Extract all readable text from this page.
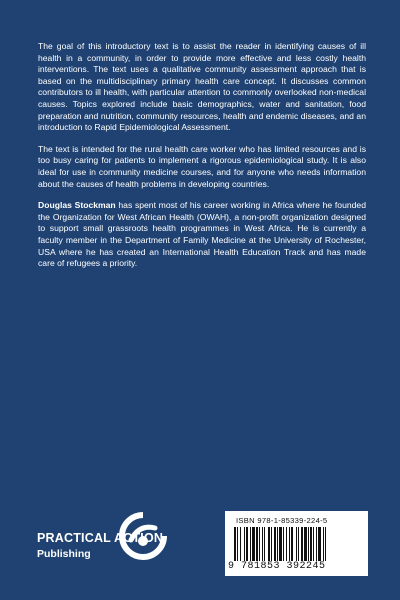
The goal of this introductory text is to assist the reader in identifying causes of ill health in a community, in order to provide more effective and less costly health interventions. The text uses a qualitative community assessment approach that is based on the multidisciplinary primary health care concept. It discusses common contributors to ill health, with particular attention to commonly overlooked non-medical causes. Topics explored include basic demographics, water and sanitation, food preparation and nutrition, community resources, health and endemic diseases, and an introduction to Rapid Epidemiological Assessment.

The text is intended for the rural health care worker who has limited resources and is too busy caring for patients to implement a rigorous epidemiological study. It is also ideal for use in community medicine courses, and for anyone who needs information about the causes of health problems in developing countries.

Douglas Stockman has spent most of his career working in Africa where he founded the Organization for West African Health (OWAH), a non-profit organization designed to support small grassroots health programmes in West Africa. He is currently a faculty member in the Department of Family Medicine at the University of Rochester, USA where he has created an International Health Education Track and has made care of refugees a priority.

PRACTICAL ACTION
Publishing
ISBN 978-1-85339-224-5
9 781853 392245
